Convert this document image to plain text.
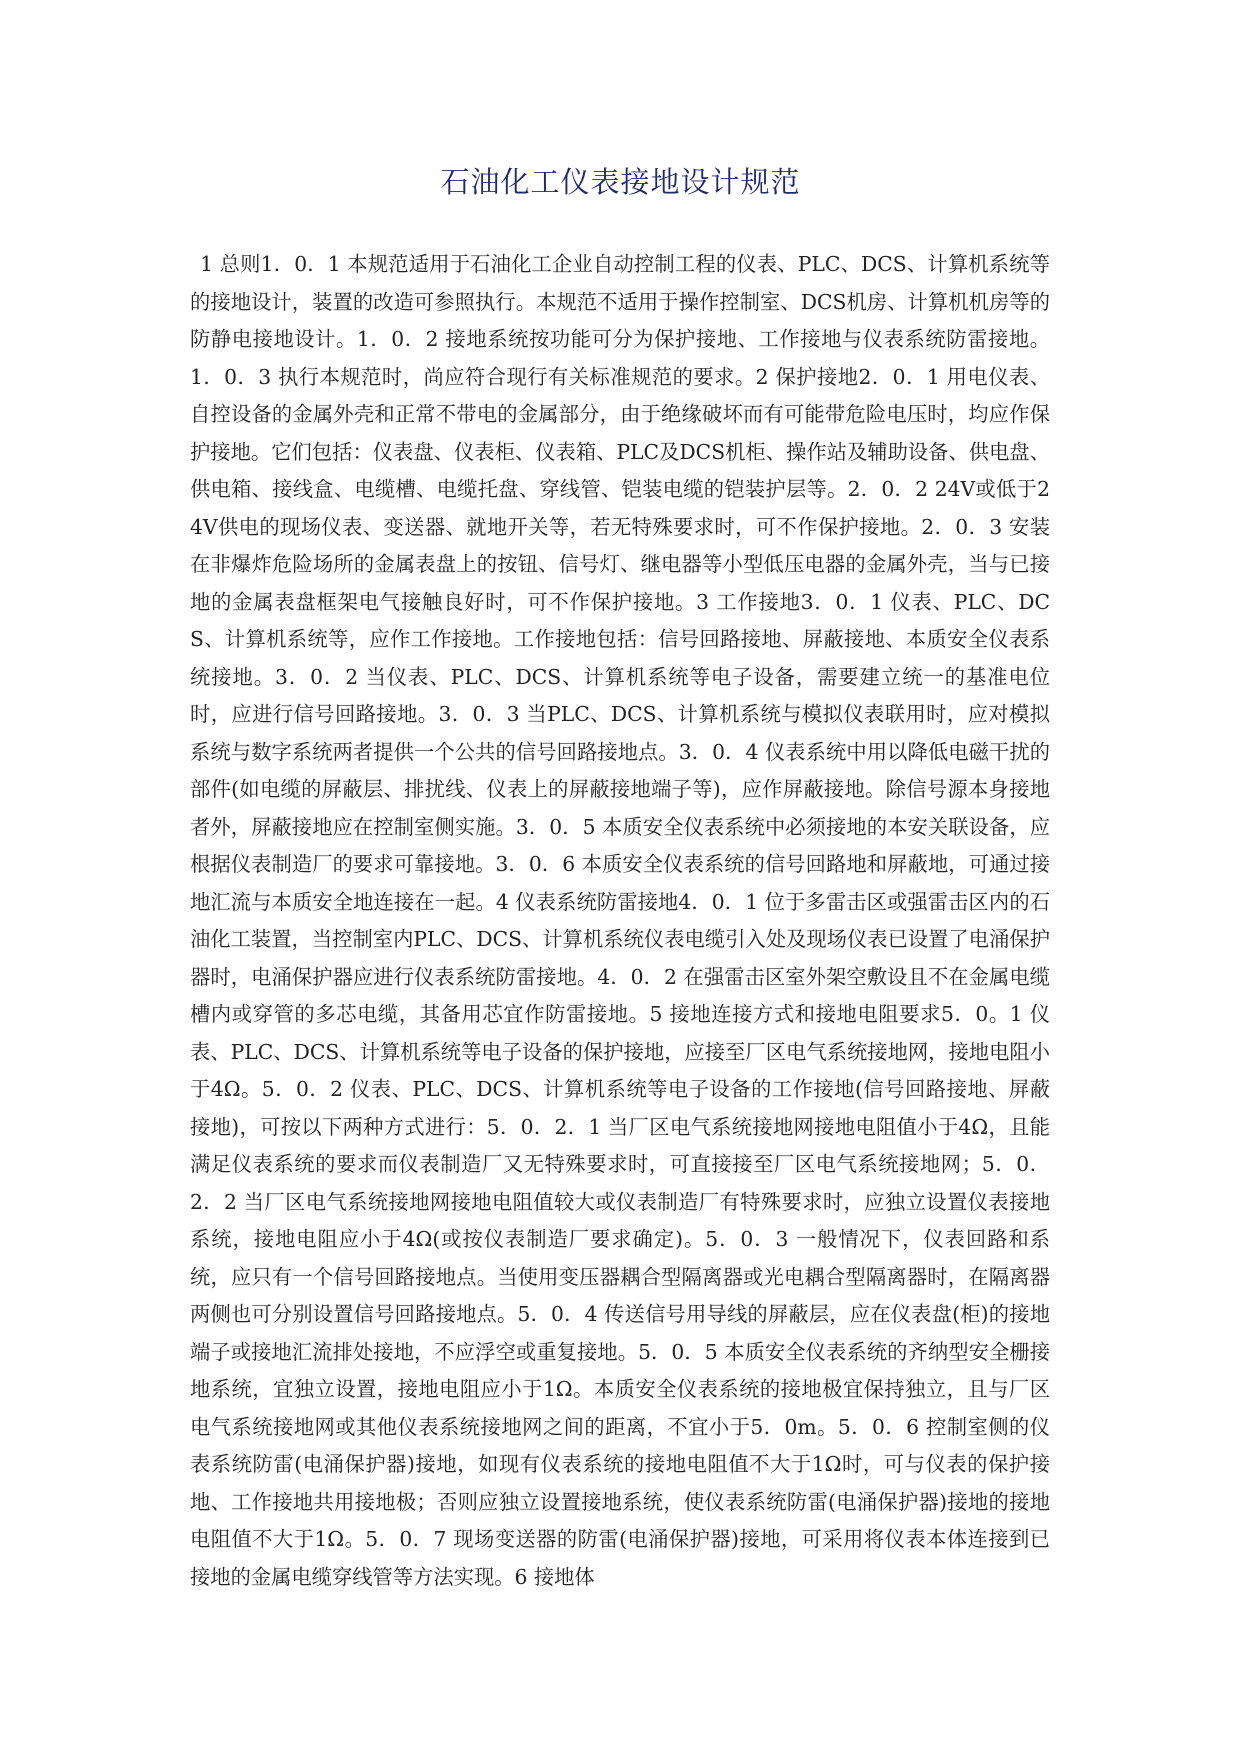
石油化工仪表接地设计规范

1 总则1．0．1 本规范适用于石油化工企业自动控制工程的仪表、PLC、DCS、计算机系统等的接地设计，装置的改造可参照执行。本规范不适用于操作控制室、DCS机房、计算机机房等的防静电接地设计。1．0．2 接地系统按功能可分为保护接地、工作接地与仪表系统防雷接地。1．0．3 执行本规范时，尚应符合现行有关标准规范的要求。2 保护接地2．0．1 用电仪表、自控设备的金属外壳和正常不带电的金属部分，由于绝缘破坏而有可能带危险电压时，均应作保护接地。它们包括：仪表盘、仪表柜、仪表箱、PLC及DCS机柜、操作站及辅助设备、供电盘、供电箱、接线盒、电缆槽、电缆托盘、穿线管、铠装电缆的铠装护层等。2．0．2 24V或低于24V供电的现场仪表、变送器、就地开关等，若无特殊要求时，可不作保护接地。2．0．3 安装在非爆炸危险场所的金属表盘上的按钮、信号灯、继电器等小型低压电器的金属外壳，当与已接地的金属表盘框架电气接触良好时，可不作保护接地。3 工作接地3．0．1 仪表、PLC、DCS、计算机系统等，应作工作接地。工作接地包括：信号回路接地、屏蔽接地、本质安全仪表系统接地。3．0．2 当仪表、PLC、DCS、计算机系统等电子设备，需要建立统一的基准电位时，应进行信号回路接地。3．0．3 当PLC、DCS、计算机系统与模拟仪表联用时，应对模拟系统与数字系统两者提供一个公共的信号回路接地点。3．0．4 仪表系统中用以降低电磁干扰的部件(如电缆的屏蔽层、排扰线、仪表上的屏蔽接地端子等)，应作屏蔽接地。除信号源本身接地者外，屏蔽接地应在控制室侧实施。3．0．5 本质安全仪表系统中必须接地的本安关联设备，应根据仪表制造厂的要求可靠接地。3．0．6 本质安全仪表系统的信号回路地和屏蔽地，可通过接地汇流与本质安全地连接在一起。4 仪表系统防雷接地4．0．1 位于多雷击区或强雷击区内的石油化工装置，当控制室内PLC、DCS、计算机系统仪表电缆引入处及现场仪表已设置了电涌保护器时，电涌保护器应进行仪表系统防雷接地。4．0．2 在强雷击区室外架空敷设且不在金属电缆槽内或穿管的多芯电缆，其备用芯宜作防雷接地。5 接地连接方式和接地电阻要求5．0。1 仪表、PLC、DCS、计算机系统等电子设备的保护接地，应接至厂区电气系统接地网，接地电阻小于4Ω。5．0．2 仪表、PLC、DCS、计算机系统等电子设备的工作接地(信号回路接地、屏蔽接地)，可按以下两种方式进行：5．0．2．1 当厂区电气系统接地网接地电阻值小于4Ω，且能满足仪表系统的要求而仪表制造厂又无特殊要求时，可直接接至厂区电气系统接地网；5．0．2．2 当厂区电气系统接地网接地电阻值较大或仪表制造厂有特殊要求时，应独立设置仪表接地系统，接地电阻应小于4Ω(或按仪表制造厂要求确定)。5．0．3 一般情况下，仪表回路和系统，应只有一个信号回路接地点。当使用变压器耦合型隔离器或光电耦合型隔离器时，在隔离器两侧也可分别设置信号回路接地点。5．0．4 传送信号用导线的屏蔽层，应在仪表盘(柜)的接地端子或接地汇流排处接地，不应浮空或重复接地。5．0．5 本质安全仪表系统的齐纳型安全栅接地系统，宜独立设置，接地电阻应小于1Ω。本质安全仪表系统的接地极宜保持独立，且与厂区电气系统接地网或其他仪表系统接地网之间的距离，不宜小于5．0m。5．0．6 控制室侧的仪表系统防雷(电涌保护器)接地，如现有仪表系统的接地电阻值不大于1Ω时，可与仪表的保护接地、工作接地共用接地极；否则应独立设置接地系统，使仪表系统防雷(电涌保护器)接地的接地电阻值不大于1Ω。5．0．7 现场变送器的防雷(电涌保护器)接地，可采用将仪表本体连接到已接地的金属电缆穿线管等方法实现。6 接地体
